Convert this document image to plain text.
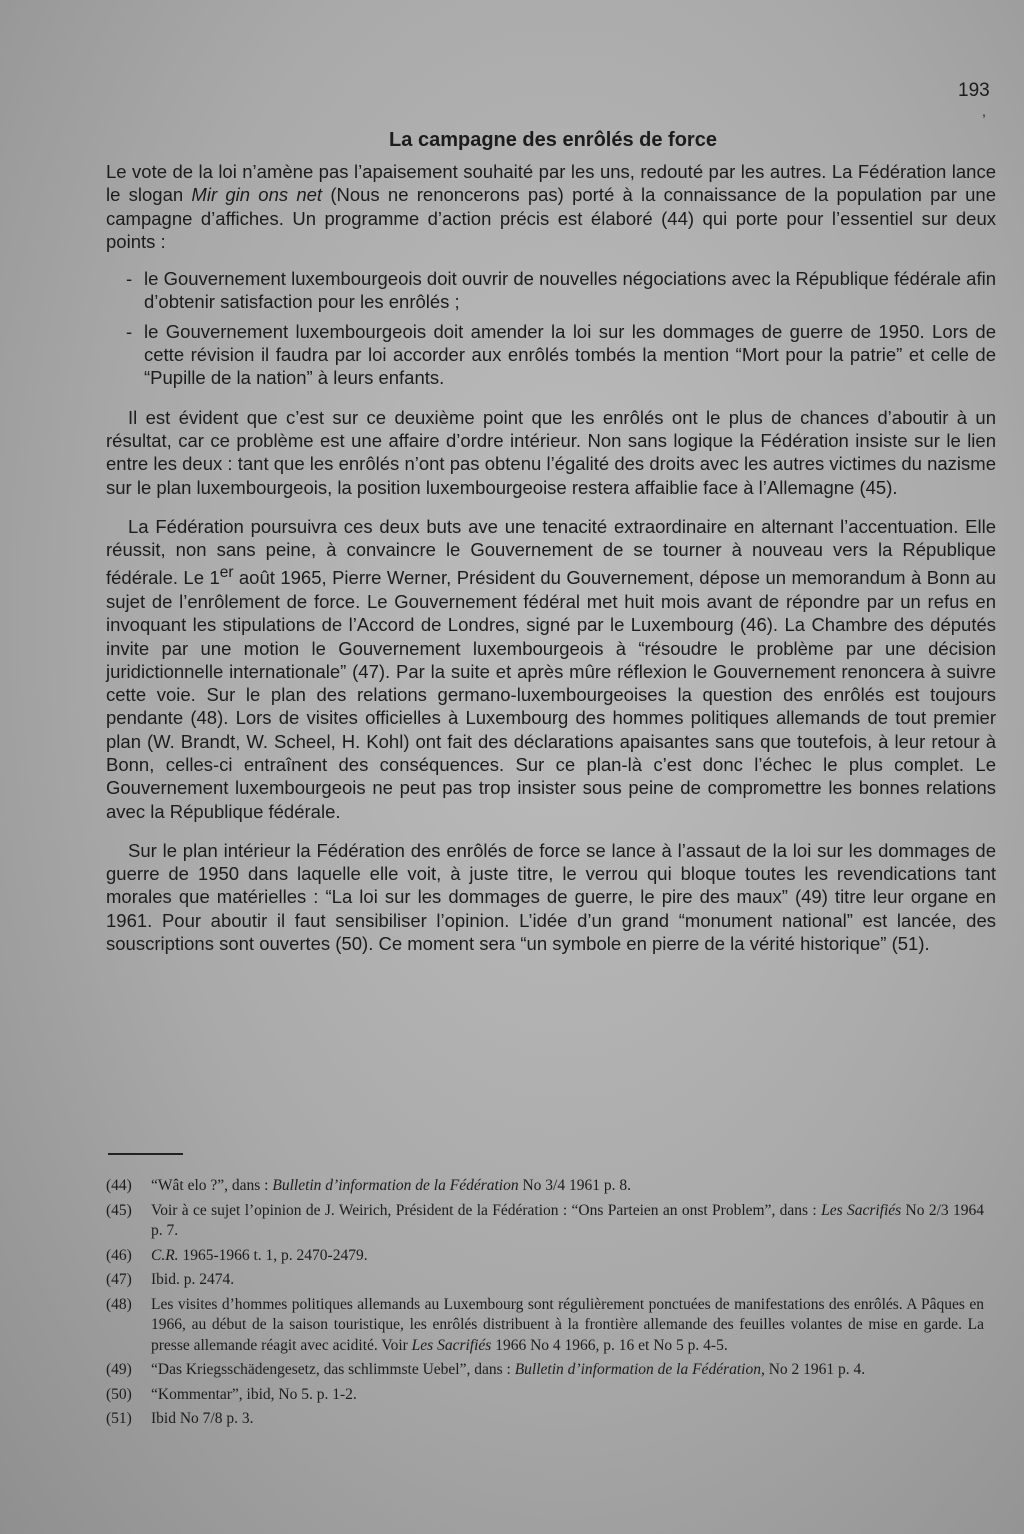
193
,
La campagne des enrôlés de force

Le vote de la loi n’amène pas l’apaisement souhaité par les uns, redouté par les autres. La Fédération lance le slogan Mir gin ons net (Nous ne renoncerons pas) porté à la connaissance de la population par une campagne d’affiches. Un programme d’action précis est élaboré (44) qui porte pour l’essentiel sur deux points :

- le Gouvernement luxembourgeois doit ouvrir de nouvelles négociations avec la République fédérale afin d’obtenir satisfaction pour les enrôlés ;

- le Gouvernement luxembourgeois doit amender la loi sur les dommages de guerre de 1950. Lors de cette révision il faudra par loi accorder aux enrôlés tombés la mention “Mort pour la patrie” et celle de “Pupille de la nation” à leurs enfants.

Il est évident que c’est sur ce deuxième point que les enrôlés ont le plus de chances d’aboutir à un résultat, car ce problème est une affaire d’ordre intérieur. Non sans logique la Fédération insiste sur le lien entre les deux : tant que les enrôlés n’ont pas obtenu l’égalité des droits avec les autres victimes du nazisme sur le plan luxembourgeois, la position luxembourgeoise restera affaiblie face à l’Allemagne (45).

La Fédération poursuivra ces deux buts ave une tenacité extraordinaire en alternant l’accentuation. Elle réussit, non sans peine, à convaincre le Gouvernement de se tourner à nouveau vers la République fédérale. Le 1er août 1965, Pierre Werner, Président du Gouvernement, dépose un memorandum à Bonn au sujet de l’enrôlement de force. Le Gouvernement fédéral met huit mois avant de répondre par un refus en invoquant les stipulations de l’Accord de Londres, signé par le Luxembourg (46). La Chambre des députés invite par une motion le Gouvernement luxembourgeois à “résoudre le problème par une décision juridictionnelle internationale” (47). Par la suite et après mûre réflexion le Gouvernement renoncera à suivre cette voie. Sur le plan des relations germano-luxembourgeoises la question des enrôlés est toujours pendante (48). Lors de visites officielles à Luxembourg des hommes politiques allemands de tout premier plan (W. Brandt, W. Scheel, H. Kohl) ont fait des déclarations apaisantes sans que toutefois, à leur retour à Bonn, celles-ci entraînent des conséquences. Sur ce plan-là c’est donc l’échec le plus complet. Le Gouvernement luxembourgeois ne peut pas trop insister sous peine de compromettre les bonnes relations avec la République fédérale.

Sur le plan intérieur la Fédération des enrôlés de force se lance à l’assaut de la loi sur les dommages de guerre de 1950 dans laquelle elle voit, à juste titre, le verrou qui bloque toutes les revendications tant morales que matérielles : “La loi sur les dommages de guerre, le pire des maux” (49) titre leur organe en 1961. Pour aboutir il faut sensibiliser l’opinion. L’idée d’un grand “monument national” est lancée, des souscriptions sont ouvertes (50). Ce moment sera “un symbole en pierre de la vérité historique” (51).

(44) “Wât elo ?”, dans : Bulletin d’information de la Fédération No 3/4 1961 p. 8.
(45) Voir à ce sujet l’opinion de J. Weirich, Président de la Fédération : “Ons Parteien an onst Problem”, dans : Les Sacrifiés No 2/3 1964 p. 7.
(46) C.R. 1965-1966 t. 1, p. 2470-2479.
(47) Ibid. p. 2474.
(48) Les visites d’hommes politiques allemands au Luxembourg sont régulièrement ponctuées de manifestations des enrôlés. A Pâques en 1966, au début de la saison touristique, les enrôlés distribuent à la frontière allemande des feuilles volantes de mise en garde. La presse allemande réagit avec acidité. Voir Les Sacrifiés 1966 No 4 1966, p. 16 et No 5 p. 4-5.
(49) “Das Kriegsschädengesetz, das schlimmste Uebel”, dans : Bulletin d’information de la Fédération, No 2 1961 p. 4.
(50) “Kommentar”, ibid, No 5. p. 1-2.
(51) Ibid No 7/8 p. 3.
